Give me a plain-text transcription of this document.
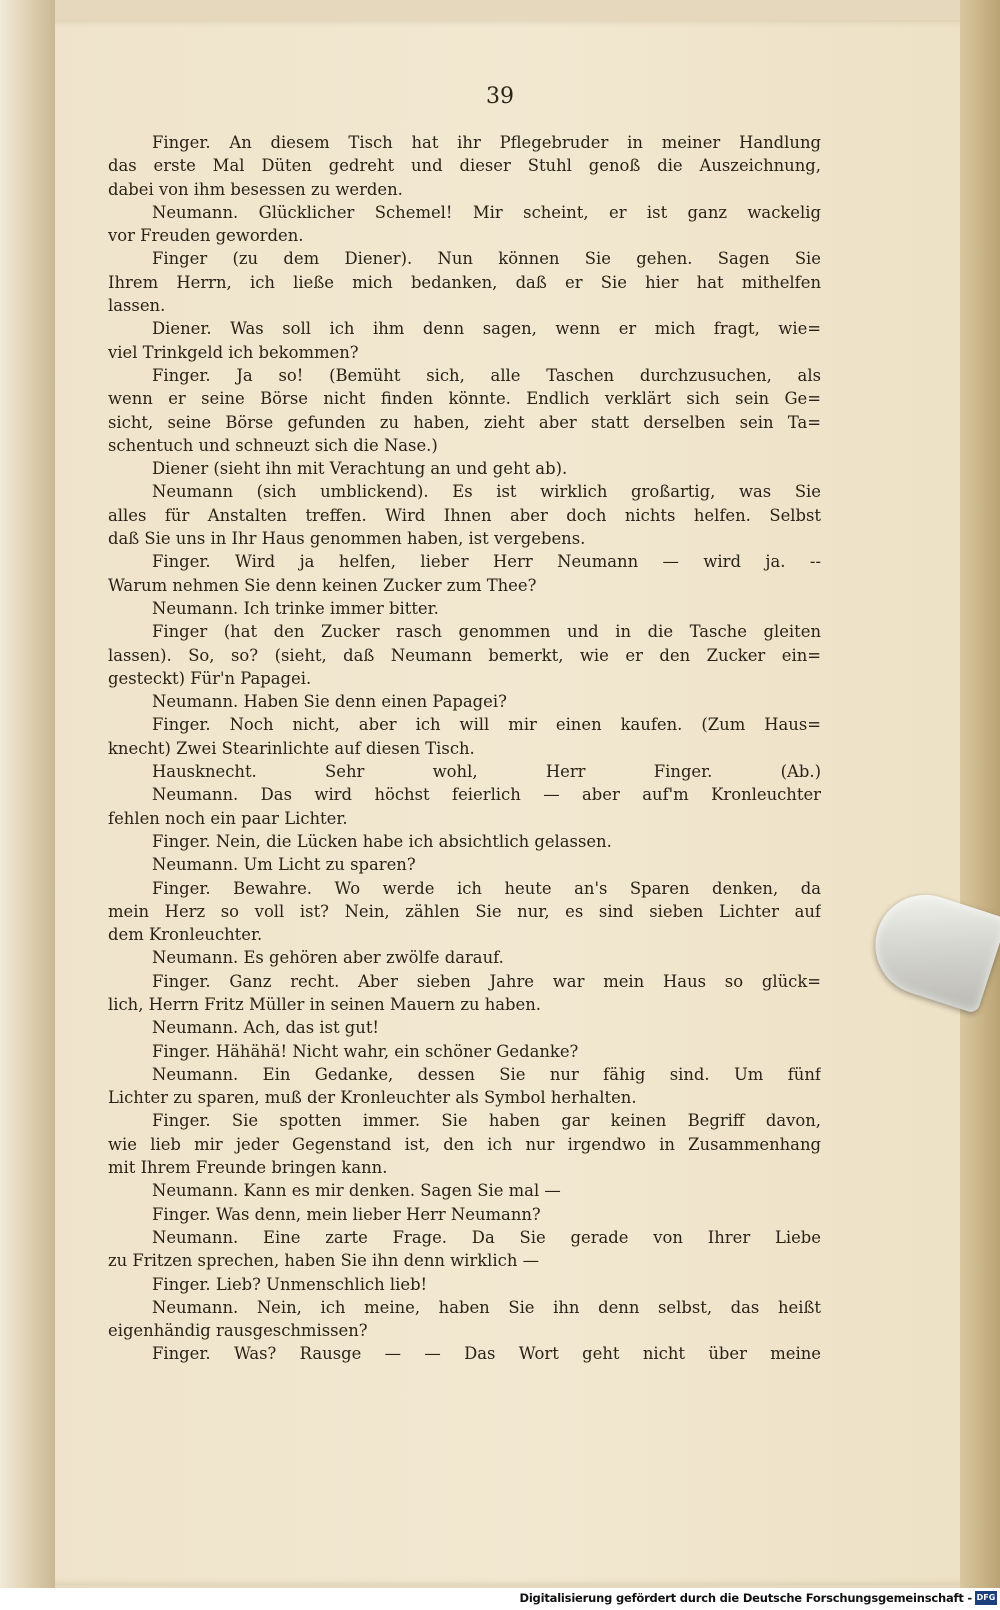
39
Finger. An diesem Tisch hat ihr Pflegebruder in meiner Handlung
das erste Mal Düten gedreht und dieser Stuhl genoß die Auszeichnung,
dabei von ihm besessen zu werden.
Neumann. Glücklicher Schemel! Mir scheint, er ist ganz wackelig
vor Freuden geworden.
Finger (zu dem Diener). Nun können Sie gehen. Sagen Sie
Ihrem Herrn, ich ließe mich bedanken, daß er Sie hier hat mithelfen
lassen.
Diener. Was soll ich ihm denn sagen, wenn er mich fragt, wie=
viel Trinkgeld ich bekommen?
Finger. Ja so! (Bemüht sich, alle Taschen durchzusuchen, als
wenn er seine Börse nicht finden könnte. Endlich verklärt sich sein Ge=
sicht, seine Börse gefunden zu haben, zieht aber statt derselben sein Ta=
schentuch und schneuzt sich die Nase.)
Diener (sieht ihn mit Verachtung an und geht ab).
Neumann (sich umblickend). Es ist wirklich großartig, was Sie
alles für Anstalten treffen. Wird Ihnen aber doch nichts helfen. Selbst
daß Sie uns in Ihr Haus genommen haben, ist vergebens.
Finger. Wird ja helfen, lieber Herr Neumann — wird ja. --
Warum nehmen Sie denn keinen Zucker zum Thee?
Neumann. Ich trinke immer bitter.
Finger (hat den Zucker rasch genommen und in die Tasche gleiten
lassen). So, so? (sieht, daß Neumann bemerkt, wie er den Zucker ein=
gesteckt) Für'n Papagei.
Neumann. Haben Sie denn einen Papagei?
Finger. Noch nicht, aber ich will mir einen kaufen. (Zum Haus=
knecht) Zwei Stearinlichte auf diesen Tisch.
Hausknecht. Sehr wohl, Herr Finger. (Ab.)
Neumann. Das wird höchst feierlich — aber auf'm Kronleuchter
fehlen noch ein paar Lichter.
Finger. Nein, die Lücken habe ich absichtlich gelassen.
Neumann. Um Licht zu sparen?
Finger. Bewahre. Wo werde ich heute an's Sparen denken, da
mein Herz so voll ist? Nein, zählen Sie nur, es sind sieben Lichter auf
dem Kronleuchter.
Neumann. Es gehören aber zwölfe darauf.
Finger. Ganz recht. Aber sieben Jahre war mein Haus so glück=
lich, Herrn Fritz Müller in seinen Mauern zu haben.
Neumann. Ach, das ist gut!
Finger. Hähähä! Nicht wahr, ein schöner Gedanke?
Neumann. Ein Gedanke, dessen Sie nur fähig sind. Um fünf
Lichter zu sparen, muß der Kronleuchter als Symbol herhalten.
Finger. Sie spotten immer. Sie haben gar keinen Begriff davon,
wie lieb mir jeder Gegenstand ist, den ich nur irgendwo in Zusammenhang
mit Ihrem Freunde bringen kann.
Neumann. Kann es mir denken. Sagen Sie mal —
Finger. Was denn, mein lieber Herr Neumann?
Neumann. Eine zarte Frage. Da Sie gerade von Ihrer Liebe
zu Fritzen sprechen, haben Sie ihn denn wirklich —
Finger. Lieb? Unmenschlich lieb!
Neumann. Nein, ich meine, haben Sie ihn denn selbst, das heißt
eigenhändig rausgeschmissen?
Finger. Was? Rausge — — Das Wort geht nicht über meine
Digitalisierung gefördert durch die Deutsche Forschungsgemeinschaft - DFG
